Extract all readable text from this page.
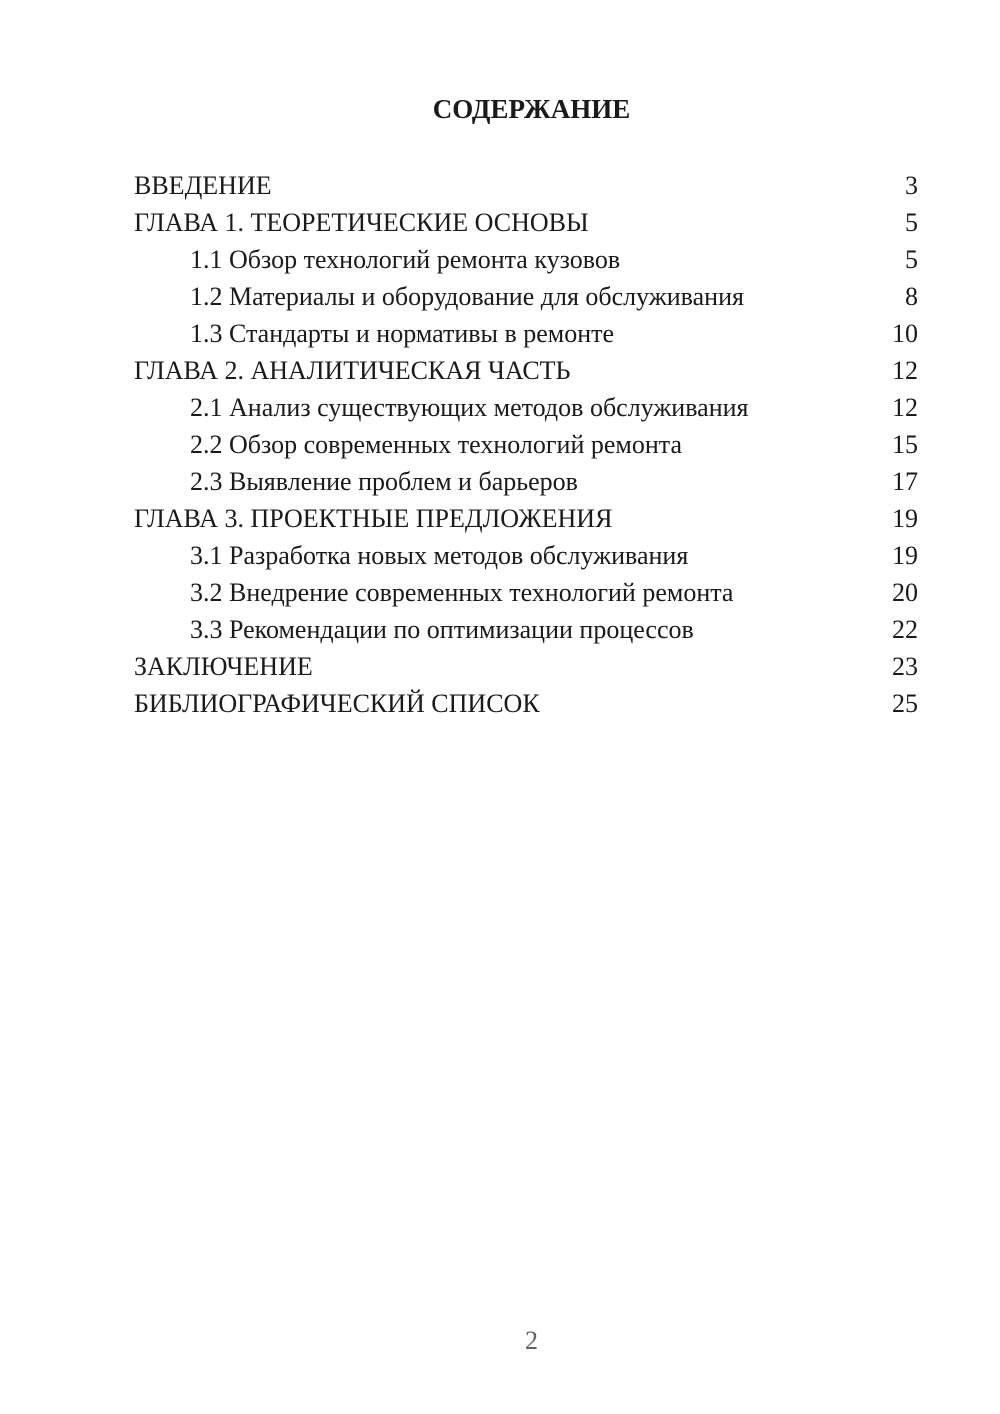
СОДЕРЖАНИЕ
ВВЕДЕНИЕ	3
ГЛАВА 1. ТЕОРЕТИЧЕСКИЕ ОСНОВЫ	5
1.1 Обзор технологий ремонта кузовов	5
1.2 Материалы и оборудование для обслуживания	8
1.3 Стандарты и нормативы в ремонте	10
ГЛАВА 2. АНАЛИТИЧЕСКАЯ ЧАСТЬ	12
2.1 Анализ существующих методов обслуживания	12
2.2 Обзор современных технологий ремонта	15
2.3 Выявление проблем и барьеров	17
ГЛАВА 3. ПРОЕКТНЫЕ ПРЕДЛОЖЕНИЯ	19
3.1 Разработка новых методов обслуживания	19
3.2 Внедрение современных технологий ремонта	20
3.3 Рекомендации по оптимизации процессов	22
ЗАКЛЮЧЕНИЕ	23
БИБЛИОГРАФИЧЕСКИЙ СПИСОК	25
2
